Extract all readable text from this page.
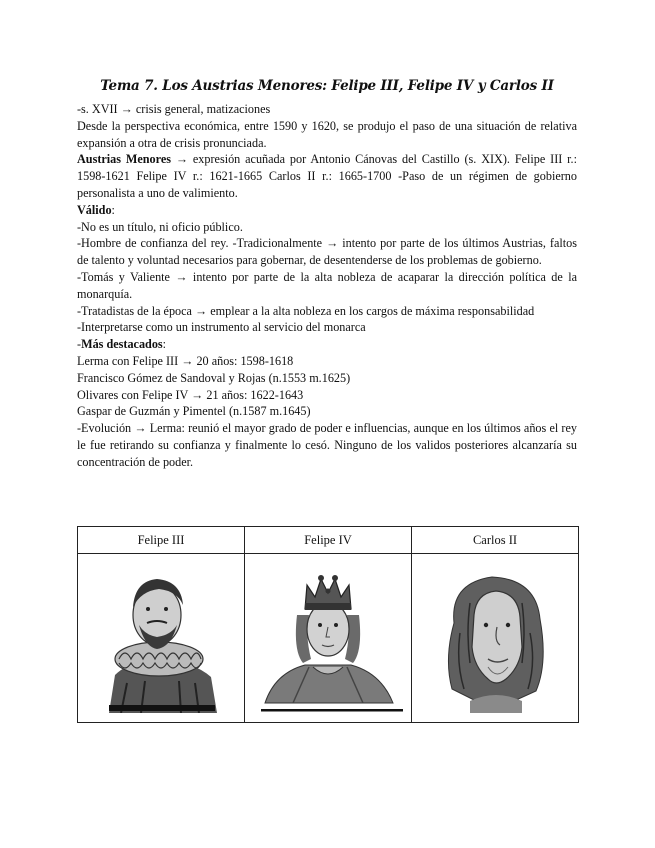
Tema 7. Los Austrias Menores: Felipe III, Felipe IV y Carlos II

-s. XVII → crisis general, matizaciones

Desde la perspectiva económica, entre 1590 y 1620, se produjo el paso de una situación de relativa expansión a otra de crisis pronunciada.

Austrias Menores → expresión acuñada por Antonio Cánovas del Castillo (s. XIX). Felipe III r.: 1598-1621 Felipe IV r.: 1621-1665 Carlos II r.: 1665-1700 -Paso de un régimen de gobierno personalista a uno de valimiento.

Válido:

-No es un título, ni oficio público.

-Hombre de confianza del rey. -Tradicionalmente → intento por parte de los últimos Austrias, faltos de talento y voluntad necesarios para gobernar, de desentenderse de los problemas de gobierno.

-Tomás y Valiente → intento por parte de la alta nobleza de acaparar la dirección política de la monarquía.

-Tratadistas de la época → emplear a la alta nobleza en los cargos de máxima responsabilidad

-Interpretarse como un instrumento al servicio del monarca

-Más destacados:

Lerma con Felipe III → 20 años: 1598-1618

Francisco Gómez de Sandoval y Rojas (n.1553 m.1625)

Olivares con Felipe IV → 21 años: 1622-1643

Gaspar de Guzmán y Pimentel (n.1587 m.1645)

-Evolución → Lerma: reunió el mayor grado de poder e influencias, aunque en los últimos años el rey le fue retirando su confianza y finalmente lo cesó. Ninguno de los validos posteriores alcanzaría su concentración de poder.

Felipe III	Felipe IV	Carlos II
